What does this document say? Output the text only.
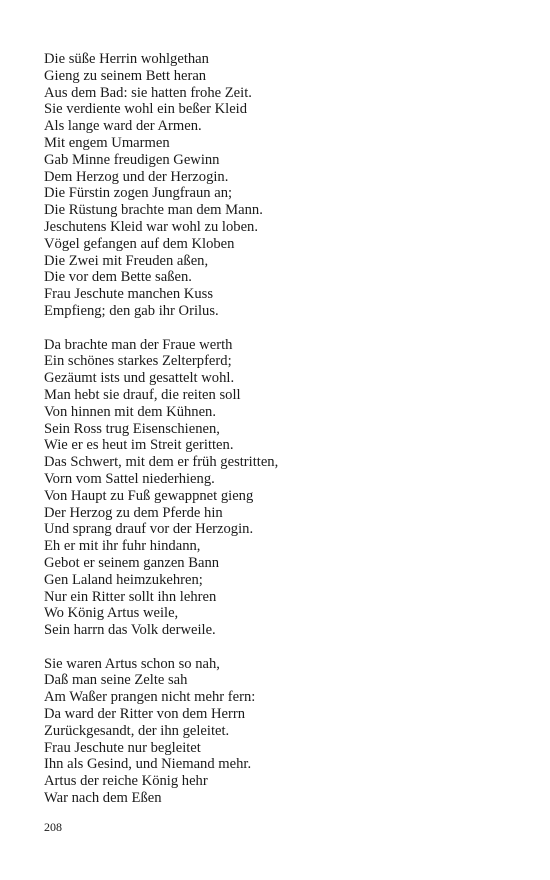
Die süße Herrin wohlgethan
Gieng zu seinem Bett heran
Aus dem Bad: sie hatten frohe Zeit.
Sie verdiente wohl ein beßer Kleid
Als lange ward der Armen.
Mit engem Umarmen
Gab Minne freudigen Gewinn
Dem Herzog und der Herzogin.
Die Fürstin zogen Jungfraun an;
Die Rüstung brachte man dem Mann.
Jeschutens Kleid war wohl zu loben.
Vögel gefangen auf dem Kloben
Die Zwei mit Freuden aßen,
Die vor dem Bette saßen.
Frau Jeschute manchen Kuss
Empfieng; den gab ihr Orilus.
Da brachte man der Fraue werth
Ein schönes starkes Zelterpferd;
Gezäumt ists und gesattelt wohl.
Man hebt sie drauf, die reiten soll
Von hinnen mit dem Kühnen.
Sein Ross trug Eisenschienen,
Wie er es heut im Streit geritten.
Das Schwert, mit dem er früh gestritten,
Vorn vom Sattel niederhieng.
Von Haupt zu Fuß gewappnet gieng
Der Herzog zu dem Pferde hin
Und sprang drauf vor der Herzogin.
Eh er mit ihr fuhr hindann,
Gebot er seinem ganzen Bann
Gen Laland heimzukehren;
Nur ein Ritter sollt ihn lehren
Wo König Artus weile,
Sein harrn das Volk derweile.
Sie waren Artus schon so nah,
Daß man seine Zelte sah
Am Waßer prangen nicht mehr fern:
Da ward der Ritter von dem Herrn
Zurückgesandt, der ihn geleitet.
Frau Jeschute nur begleitet
Ihn als Gesind, und Niemand mehr.
Artus der reiche König hehr
War nach dem Eßen
208
